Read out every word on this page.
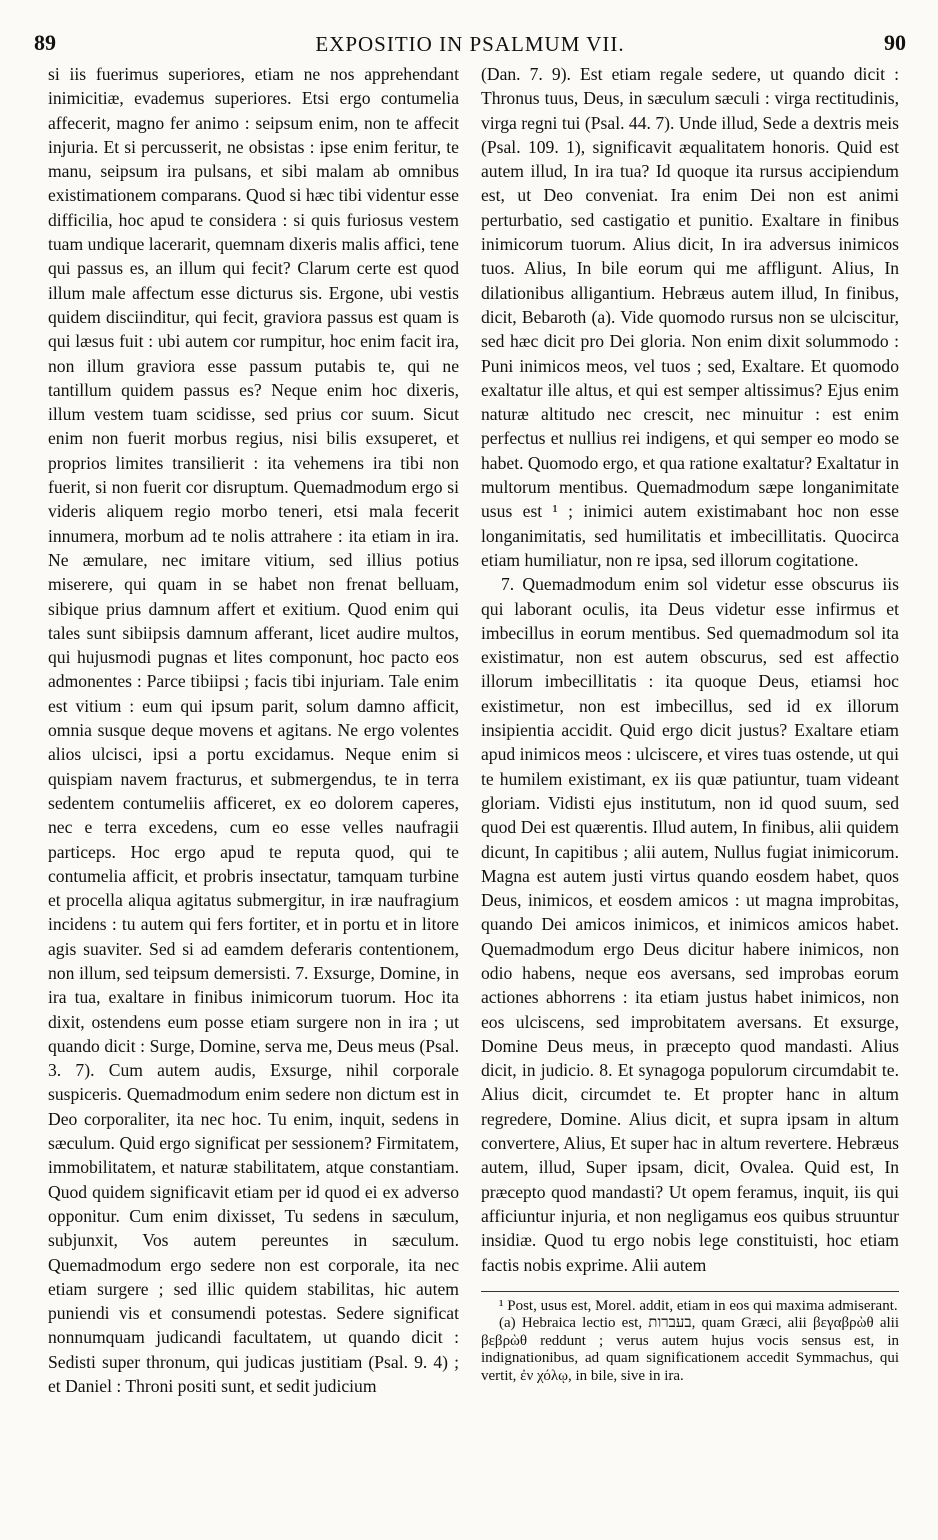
89	EXPOSITIO IN PSALMUM VII.	90

si iis fuerimus superiores, etiam ne nos apprehendant inimicitiæ, evademus superiores. Etsi ergo contumelia affecerit, magno fer animo : seipsum enim, non te affecit injuria. Et si percusserit, ne obsistas : ipse enim feritur, te manu, seipsum ira pulsans, et sibi malam ab omnibus existimationem comparans. Quod si hæc tibi videntur esse difficilia, hoc apud te considera : si quis furiosus vestem tuam undique lacerarit, quemnam dixeris malis affici, tene qui passus es, an illum qui fecit? Clarum certe est quod illum male affectum esse dicturus sis. Ergone, ubi vestis quidem disciinditur, qui fecit, graviora passus est quam is qui læsus fuit : ubi autem cor rumpitur, hoc enim facit ira, non illum graviora esse passum putabis te, qui ne tantillum quidem passus es? Neque enim hoc dixeris, illum vestem tuam scidisse, sed prius cor suum. Sicut enim non fuerit morbus regius, nisi bilis exsuperet, et proprios limites transilierit : ita vehemens ira tibi non fuerit, si non fuerit cor disruptum. Quemadmodum ergo si videris aliquem regio morbo teneri, etsi mala fecerit innumera, morbum ad te nolis attrahere : ita etiam in ira. Ne æmulare, nec imitare vitium, sed illius potius miserere, qui quam in se habet non frenat belluam, sibique prius damnum affert et exitium. Quod enim qui tales sunt sibiipsis damnum afferant, licet audire multos, qui hujusmodi pugnas et lites componunt, hoc pacto eos admonentes : Parce tibiipsi ; facis tibi injuriam. Tale enim est vitium : eum qui ipsum parit, solum damno afficit, omnia susque deque movens et agitans. Ne ergo volentes alios ulcisci, ipsi a portu excidamus. Neque enim si quispiam navem fracturus, et submergendus, te in terra sedentem contumeliis afficeret, ex eo dolorem caperes, nec e terra excedens, cum eo esse velles naufragii particeps. Hoc ergo apud te reputa quod, qui te contumelia afficit, et probris insectatur, tamquam turbine et procella aliqua agitatus submergitur, in iræ naufragium incidens : tu autem qui fers fortiter, et in portu et in litore agis suaviter. Sed si ad eamdem deferaris contentionem, non illum, sed teipsum demersisti. 7. Exsurge, Domine, in ira tua, exaltare in finibus inimicorum tuorum. Hoc ita dixit, ostendens eum posse etiam surgere non in ira ; ut quando dicit : Surge, Domine, serva me, Deus meus (Psal. 3. 7). Cum autem audis, Exsurge, nihil corporale suspiceris. Quemadmodum enim sedere non dictum est in Deo corporaliter, ita nec hoc. Tu enim, inquit, sedens in sæculum. Quid ergo significat per sessionem? Firmitatem, immobilitatem, et naturæ stabilitatem, atque constantiam. Quod quidem significavit etiam per id quod ei ex adverso opponitur. Cum enim dixisset, Tu sedens in sæculum, subjunxit, Vos autem pereuntes in sæculum. Quemadmodum ergo sedere non est corporale, ita nec etiam surgere ; sed illic quidem stabilitas, hic autem puniendi vis et consumendi potestas. Sedere significat nonnumquam judicandi facultatem, ut quando dicit : Sedisti super thronum, qui judicas justitiam (Psal. 9. 4) ; et Daniel : Throni positi sunt, et sedit judicium

(Dan. 7. 9). Est etiam regale sedere, ut quando dicit : Thronus tuus, Deus, in sæculum sæculi : virga rectitudinis, virga regni tui (Psal. 44. 7). Unde illud, Sede a dextris meis (Psal. 109. 1), significavit æqualitatem honoris. Quid est autem illud, In ira tua? Id quoque ita rursus accipiendum est, ut Deo conveniat. Ira enim Dei non est animi perturbatio, sed castigatio et punitio. Exaltare in finibus inimicorum tuorum. Alius dicit, In ira adversus inimicos tuos. Alius, In bile eorum qui me affligunt. Alius, In dilationibus alligantium. Hebræus autem illud, In finibus, dicit, Bebaroth (a). Vide quomodo rursus non se ulciscitur, sed hæc dicit pro Dei gloria. Non enim dixit solummodo : Puni inimicos meos, vel tuos ; sed, Exaltare. Et quomodo exaltatur ille altus, et qui est semper altissimus? Ejus enim naturæ altitudo nec crescit, nec minuitur : est enim perfectus et nullius rei indigens, et qui semper eo modo se habet. Quomodo ergo, et qua ratione exaltatur? Exaltatur in multorum mentibus. Quemadmodum sæpe longanimitate usus est ¹ ; inimici autem existimabant hoc non esse longanimitatis, sed humilitatis et imbecillitatis. Quocirca etiam humiliatur, non re ipsa, sed illorum cogitatione.

7. Quemadmodum enim sol videtur esse obscurus iis qui laborant oculis, ita Deus videtur esse infirmus et imbecillus in eorum mentibus. Sed quemadmodum sol ita existimatur, non est autem obscurus, sed est affectio illorum imbecillitatis : ita quoque Deus, etiamsi hoc existimetur, non est imbecillus, sed id ex illorum insipientia accidit. Quid ergo dicit justus? Exaltare etiam apud inimicos meos : ulciscere, et vires tuas ostende, ut qui te humilem existimant, ex iis quæ patiuntur, tuam videant gloriam. Vidisti ejus institutum, non id quod suum, sed quod Dei est quærentis. Illud autem, In finibus, alii quidem dicunt, In capitibus ; alii autem, Nullus fugiat inimicorum. Magna est autem justi virtus quando eosdem habet, quos Deus, inimicos, et eosdem amicos : ut magna improbitas, quando Dei amicos inimicos, et inimicos amicos habet. Quemadmodum ergo Deus dicitur habere inimicos, non odio habens, neque eos aversans, sed improbas eorum actiones abhorrens : ita etiam justus habet inimicos, non eos ulciscens, sed improbitatem aversans. Et exsurge, Domine Deus meus, in præcepto quod mandasti. Alius dicit, in judicio. 8. Et synagoga populorum circumdabit te. Alius dicit, circumdet te. Et propter hanc in altum regredere, Domine. Alius dicit, et supra ipsam in altum convertere, Alius, Et super hac in altum revertere. Hebræus autem, illud, Super ipsam, dicit, Ovalea. Quid est, In præcepto quod mandasti? Ut opem feramus, inquit, iis qui afficiuntur injuria, et non negligamus eos quibus struuntur insidiæ. Quod tu ergo nobis lege constituisti, hoc etiam factis nobis exprime. Alii autem

¹ Post, usus est, Morel. addit, etiam in eos qui maxima admiserant.

(a) Hebraica lectio est, בעברות, quam Græci, alii βεγαβρὼθ alii βεβρὼθ reddunt ; verus autem hujus vocis sensus est, in indignationibus, ad quam significationem accedit Symmachus, qui vertit, ἐν χόλῳ, in bile, sive in ira.
